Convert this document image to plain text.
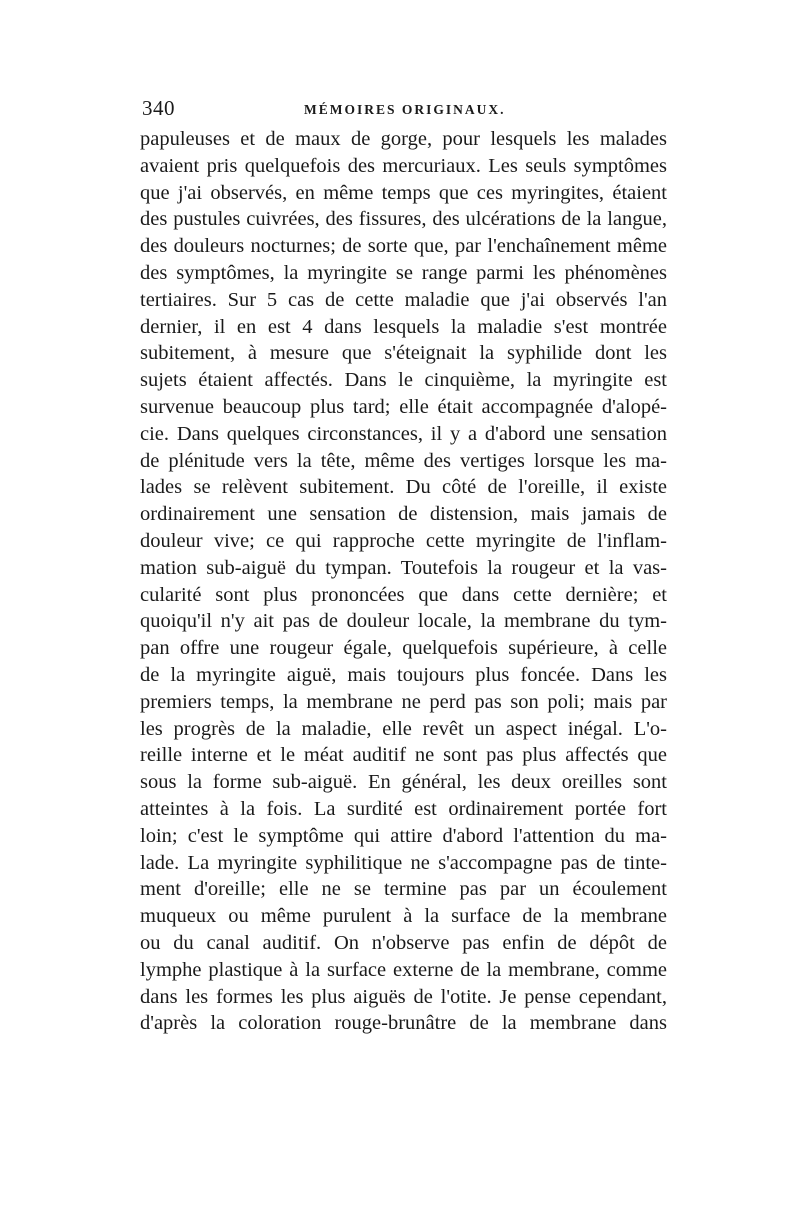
340	MÉMOIRES ORIGINAUX.
papuleuses et de maux de gorge, pour lesquels les malades
avaient pris quelquefois des mercuriaux. Les seuls symptômes
que j'ai observés, en même temps que ces myringites, étaient
des pustules cuivrées, des fissures, des ulcérations de la langue,
des douleurs nocturnes; de sorte que, par l'enchaînement même
des symptômes, la myringite se range parmi les phénomènes
tertiaires. Sur 5 cas de cette maladie que j'ai observés l'an
dernier, il en est 4 dans lesquels la maladie s'est montrée
subitement, à mesure que s'éteignait la syphilide dont les
sujets étaient affectés. Dans le cinquième, la myringite est
survenue beaucoup plus tard; elle était accompagnée d'alopé-
cie. Dans quelques circonstances, il y a d'abord une sensation
de plénitude vers la tête, même des vertiges lorsque les ma-
lades se relèvent subitement. Du côté de l'oreille, il existe
ordinairement une sensation de distension, mais jamais de
douleur vive; ce qui rapproche cette myringite de l'inflam-
mation sub-aiguë du tympan. Toutefois la rougeur et la vas-
cularité sont plus prononcées que dans cette dernière; et
quoiqu'il n'y ait pas de douleur locale, la membrane du tym-
pan offre une rougeur égale, quelquefois supérieure, à celle
de la myringite aiguë, mais toujours plus foncée. Dans les
premiers temps, la membrane ne perd pas son poli; mais par
les progrès de la maladie, elle revêt un aspect inégal. L'o-
reille interne et le méat auditif ne sont pas plus affectés que
sous la forme sub-aiguë. En général, les deux oreilles sont
atteintes à la fois. La surdité est ordinairement portée fort
loin; c'est le symptôme qui attire d'abord l'attention du ma-
lade. La myringite syphilitique ne s'accompagne pas de tinte-
ment d'oreille; elle ne se termine pas par un écoulement
muqueux ou même purulent à la surface de la membrane
ou du canal auditif. On n'observe pas enfin de dépôt de
lymphe plastique à la surface externe de la membrane, comme
dans les formes les plus aiguës de l'otite. Je pense cependant,
d'après la coloration rouge-brunâtre de la membrane dans
